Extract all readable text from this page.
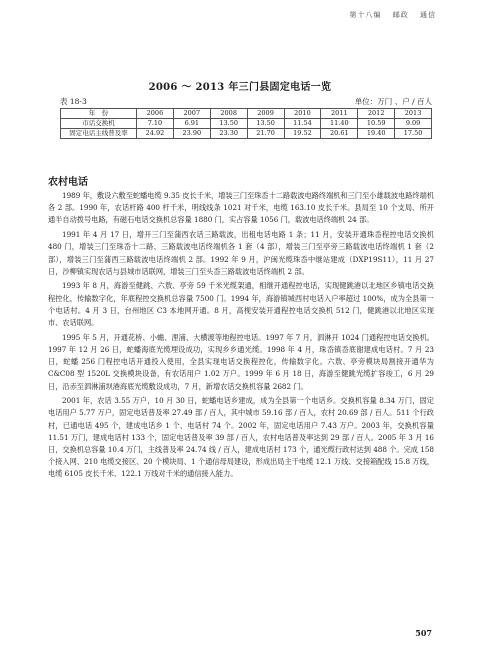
第十八编 邮政 通信
2006 ～ 2013 年三门县固定电话一览
表 18-3	单位：万门 、户 / 百人
年　份	2006	2007	2008	2009	2010	2011	2012	2013
市话交换机	7.10	6.91	13.50	13.50	11.54	11.40	10.59	9.09
固定电话主线普及率	24.92	23.90	23.30	21.70	19.52	20.61	19.40	17.50
农村电话

1989 年，敷设六敷至蛇蟠电缆 9.35 皮长千米，增装三门至珠岙十二路载波电路终端机和三门至小雄载波电路终端机各 2 部。1990 年，农话杆路 400 杆千米，明线线条 1021 对千米，电缆 163.10 皮长千米。县局至 10 个支局、所开通半自动拨号电路，有磁石电话交换机总容量 1880 门，实占容量 1056 门，载波电话终端机 24 部。

1991 年 4 月 17 日，增开三门至蒲西农话三路载波，出租电话电路 1 条；11 月，安装开通珠岙程控电话交换机 480 门，增装三门至珠岙十二路、三路载波电话终端机各 1 套（4 部），增装三门至亭旁三路载波电话终端机 1 套（2 部），增装三门至蒲西三路载波电话终端机 2 部。1992 年 9 月，沪闽光缆珠岙中继站建成（DXP19S11），11 月 27 日，沙柳镇实现农话与县城市话联网，增装三门至头岙三路载波电话终端机 2 部。

1993 年 8 月，海游至健跳、六敖、亭旁 59 千米光缆架通，相继开通程控电话，实现健跳港以北地区乡镇电话交换程控化，传输数字化，年底程控交换机总容量 7500 门。1994 年，海游镇城西村电话入户率超过 100%，成为全县第一个电话村。4 月 3 日，台州地区 C3 本地网开通。8 月，高枧安装开通程控电话交换机 512 门，健跳港以北地区实现市、农话联网。

1995 年 5 月，开通花桥、小蟾、浬浦、大横渡等地程控电话。1997 年 7 月，泗淋开 1024 门通程控电话交换机。1997 年 12 月 26 日，蛇蟠海底光缆埋设成功，实现乡乡通光缆。1998 年 4 月，珠岙镇岙底谢建成电话村。7 月 23 日，蛇蟠 256 门程控电话开通投入使用，全县实现电话交换程控化，传输数字化。六敖、亭旁模块局割接开通华为 C&C08 型 1520L 交换模块设备，有农话用户 1.02 万户。1999 年 6 月 18 日，海游至健跳光缆扩容竣工，6 月 29 日，沿赤至泗淋浦坝港海底光缆敷设成功，7 月，新增农话交换机容量 2682 门。

2001 年，农话 3.55 万户，10 月 30 日，蛇蟠电话乡建成，成为全县第一个电话乡。交换机容量 8.34 万门，固定电话用户 5.77 万户，固定电话普及率 27.49 部 / 百人，其中城市 59.16 部 / 百人，农村 20.69 部 / 百人。511 个行政村，已通电话 495 个，建成电话乡 1 个、电话村 74 个。2002 年，固定电话用户 7.43 万户。2003 年，交换机容量 11.51 万门，建成电话村 133 个，固定电话普及率 39 部 / 百人，农村电话普及率达到 29 部 / 百人。2005 年 3 月 16 日，交换机总容量 10.4 万门，主线普及率 24.74 线 / 百人，建成电话村 173 个，通光缆行政村达到 488 个。完成 158 个接入网、210 电缆交接区、20 个模块局、1 个通信母局建设，形成出局主干电缆 12.1 万线、交接箱配线 15.8 万线，电缆 6105 皮长千米、122.1 万线对千米的通信接入能力。

507
